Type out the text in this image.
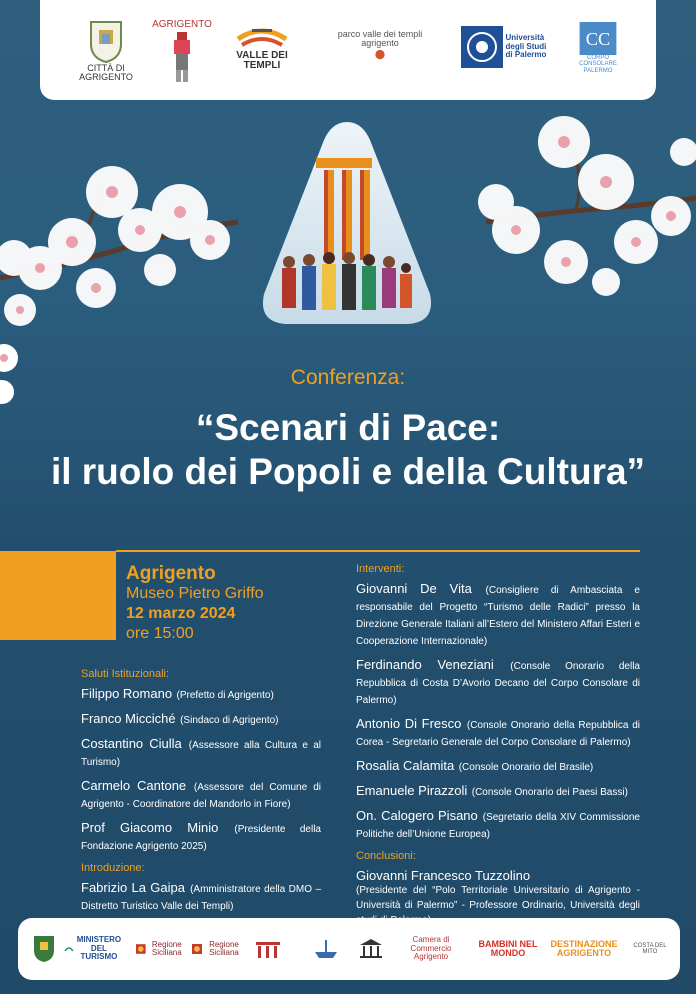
CITTÀ DI AGRIGENTO
AGRIGENTO
VALLE DEI TEMPLI
parco valle dei templi agrigento
Università degli Studi di Palermo
CC
CORPO CONSOLARE PALERMO
Conferenza:
“Scenari di Pace:
il ruolo dei Popoli e della Cultura”
Agrigento
Museo Pietro Griffo
12 marzo 2024
ore 15:00
Saluti Istituzionali:
Filippo Romano (Prefetto di Agrigento)
Franco Micciché (Sindaco di Agrigento)
Costantino Ciulla (Assessore alla Cultura e al Turismo)
Carmelo Cantone (Assessore del Comune di Agrigento - Coordinatore del Mandorlo in Fiore)
Prof Giacomo Minio (Presidente della Fondazione Agrigento 2025)
Introduzione:
Fabrizio La Gaipa (Amministratore della DMO – Distretto Turistico Valle dei Templi)
Interventi:
Giovanni De Vita (Consigliere di Ambasciata e responsabile del Progetto “Turismo delle Radici” presso la Direzione Generale Italiani all’Estero del Ministero Affari Esteri e Cooperazione Internazionale)
Ferdinando Veneziani (Console Onorario della Repubblica di Costa D’Avorio Decano del Corpo Consolare di Palermo)
Antonio Di Fresco (Console Onorario della Repubblica di Corea - Segretario Generale del Corpo Consolare di Palermo)
Rosalia Calamita (Console Onorario del Brasile)
Emanuele Pirazzoli (Console Onorario dei Paesi Bassi)
On. Calogero Pisano (Segretario della XIV Commissione Politiche dell’Unione Europea)
Conclusioni:
Giovanni Francesco Tuzzolino
(Presidente del “Polo Territoriale Universitario di Agrigento - Università di Palermo” - Professore Ordinario, Università degli
MINISTERO DEL TURISMO
Regione Siciliana
Regione Siciliana
Camera di Commercio Agrigento
BAMBINI NEL MONDO
DESTINAZIONE AGRIGENTO
COSTA DEL MITO
